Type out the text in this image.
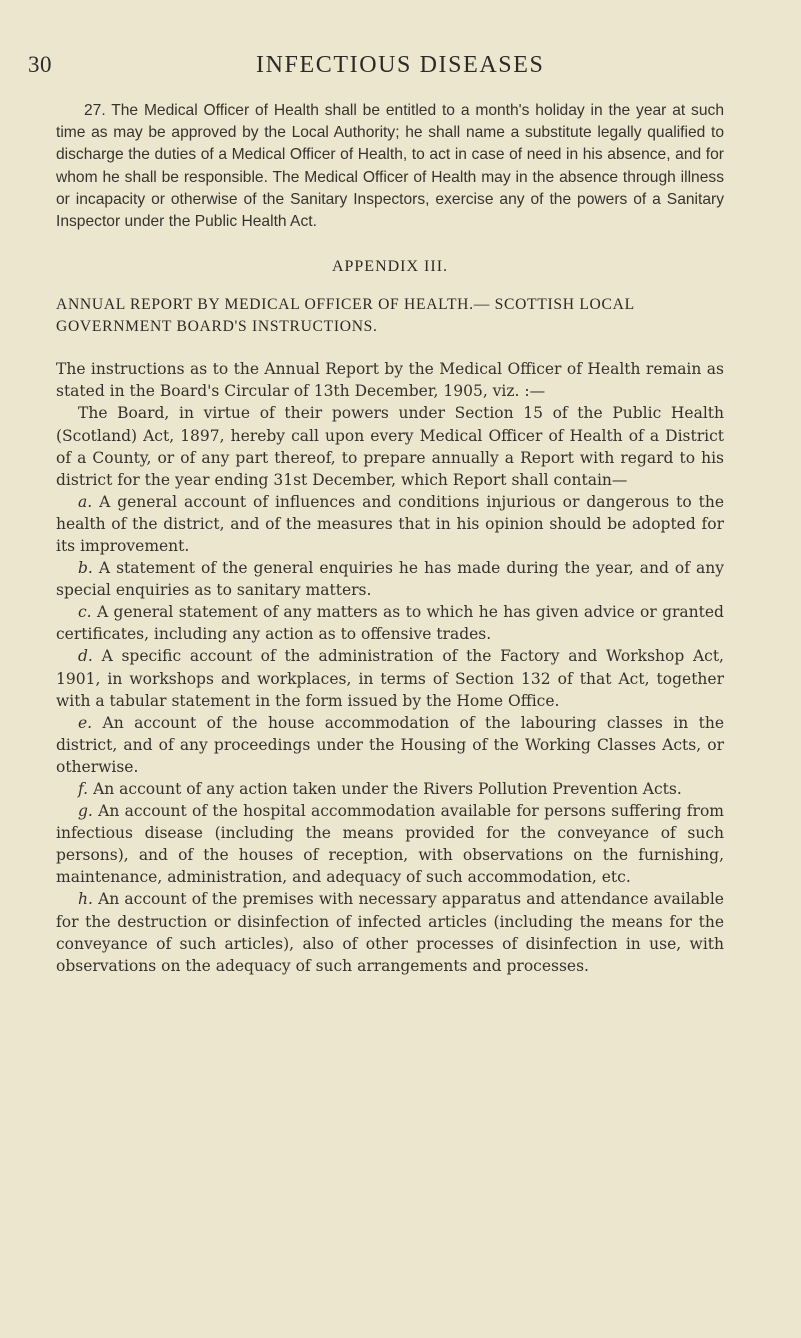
30	INFECTIOUS DISEASES

27. The Medical Officer of Health shall be entitled to a month's holiday in the year at such time as may be approved by the Local Authority; he shall name a substitute legally qualified to discharge the duties of a Medical Officer of Health, to act in case of need in his absence, and for whom he shall be responsible. The Medical Officer of Health may in the absence through illness or incapacity or otherwise of the Sanitary Inspectors, exercise any of the powers of a Sanitary Inspector under the Public Health Act.

APPENDIX III.
ANNUAL REPORT BY MEDICAL OFFICER OF HEALTH.— SCOTTISH LOCAL GOVERNMENT BOARD'S INSTRUCTIONS.

The instructions as to the Annual Report by the Medical Officer of Health remain as stated in the Board's Circular of 13th December, 1905, viz. :—

The Board, in virtue of their powers under Section 15 of the Public Health (Scotland) Act, 1897, hereby call upon every Medical Officer of Health of a District of a County, or of any part thereof, to prepare annually a Report with regard to his district for the year ending 31st December, which Report shall contain—

a. A general account of influences and conditions injurious or dangerous to the health of the district, and of the measures that in his opinion should be adopted for its improvement.

b. A statement of the general enquiries he has made during the year, and of any special enquiries as to sanitary matters.

c. A general statement of any matters as to which he has given advice or granted certificates, including any action as to offensive trades.

d. A specific account of the administration of the Factory and Workshop Act, 1901, in workshops and workplaces, in terms of Section 132 of that Act, together with a tabular statement in the form issued by the Home Office.

e. An account of the house accommodation of the labouring classes in the district, and of any proceedings under the Housing of the Working Classes Acts, or otherwise.

f. An account of any action taken under the Rivers Pollution Prevention Acts.

g. An account of the hospital accommodation available for persons suffering from infectious disease (including the means provided for the conveyance of such persons), and of the houses of reception, with observations on the furnishing, maintenance, administration, and adequacy of such accommodation, etc.

h. An account of the premises with necessary apparatus and attendance available for the destruction or disinfection of infected articles (including the means for the conveyance of such articles), also of other processes of disinfection in use, with observations on the adequacy of such arrangements and processes.
